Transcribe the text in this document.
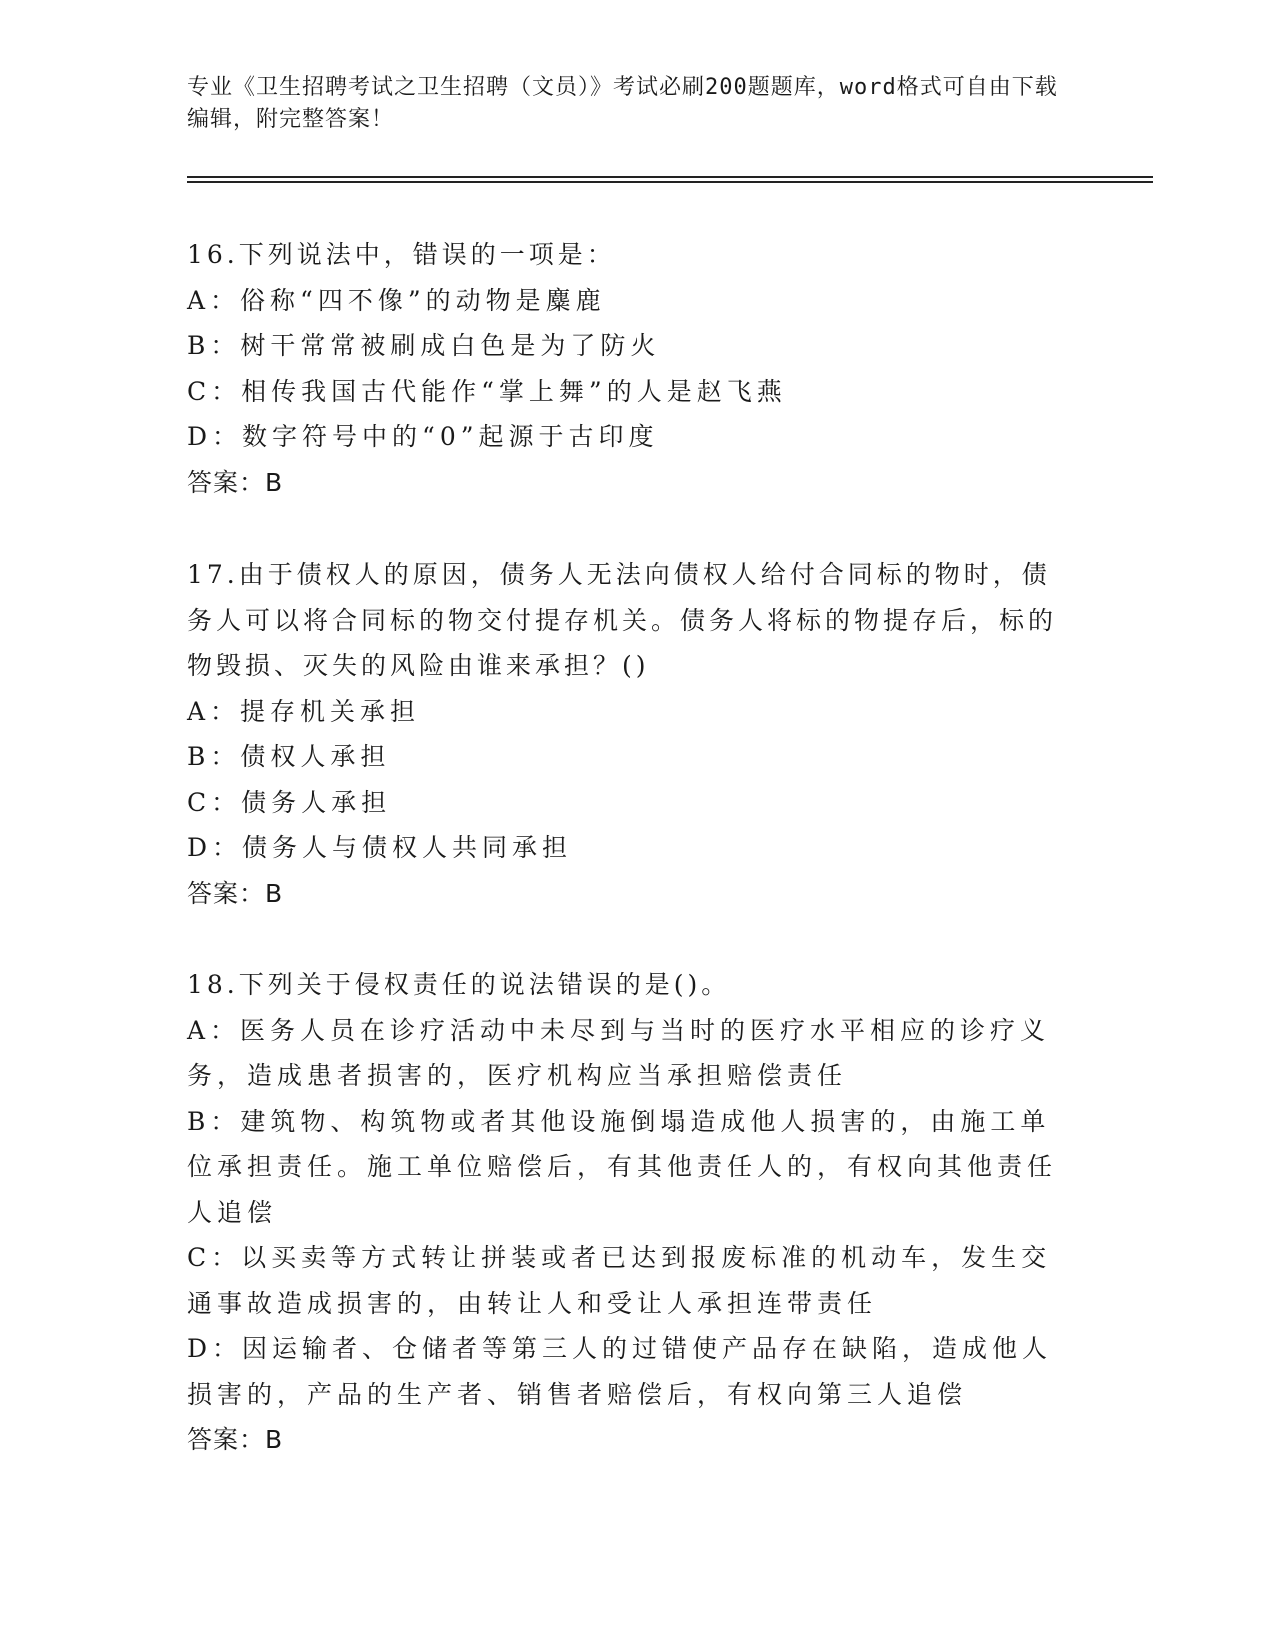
专业《卫生招聘考试之卫生招聘（文员）》考试必刷200题题库，word格式可自由下载编辑，附完整答案！
16.下列说法中，错误的一项是：
A：俗称“四不像”的动物是麋鹿
B：树干常常被刷成白色是为了防火
C：相传我国古代能作“掌上舞”的人是赵飞燕
D：数字符号中的“0”起源于古印度
答案：B
17.由于债权人的原因，债务人无法向债权人给付合同标的物时，债务人可以将合同标的物交付提存机关。债务人将标的物提存后，标的物毁损、灭失的风险由谁来承担？()
A：提存机关承担
B：债权人承担
C：债务人承担
D：债务人与债权人共同承担
答案：B
18.下列关于侵权责任的说法错误的是()。
A：医务人员在诊疗活动中未尽到与当时的医疗水平相应的诊疗义务，造成患者损害的，医疗机构应当承担赔偿责任
B：建筑物、构筑物或者其他设施倒塌造成他人损害的，由施工单位承担责任。施工单位赔偿后，有其他责任人的，有权向其他责任人追偿
C：以买卖等方式转让拼装或者已达到报废标准的机动车，发生交通事故造成损害的，由转让人和受让人承担连带责任
D：因运输者、仓储者等第三人的过错使产品存在缺陷，造成他人损害的，产品的生产者、销售者赔偿后，有权向第三人追偿
答案：B
